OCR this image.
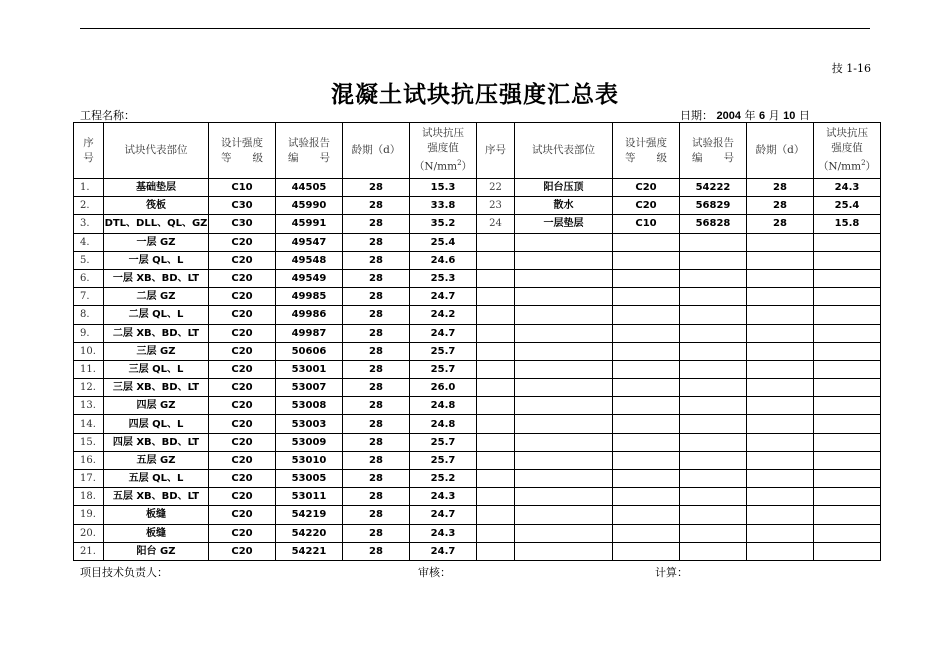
技 1-16
混凝土试块抗压强度汇总表
工程名称：	日期： 2004 年 6 月 10 日
序
号	试块代表部位	设计强度
等　　级	试验报告
编　　号	龄期（d）	试块抗压
强度值
$(N/mm^2)$	序号	试块代表部位	设计强度
等　　级	试验报告
编　　号	龄期（d）	试块抗压
强度值
$(N/mm^2)$
1.	基础垫层	C10	44505	28	15.3	22	阳台压顶	C20	54222	28	24.3
2.	筏板	C30	45990	28	33.8	23	散水	C20	56829	28	25.4
3.	DTL、DLL、QL、GZ	C30	45991	28	35.2	24	一层垫层	C10	56828	28	15.8
4.	一层 GZ	C20	49547	28	25.4						
5.	一层 QL、L	C20	49548	28	24.6						
6.	一层 XB、BD、LT	C20	49549	28	25.3						
7.	二层 GZ	C20	49985	28	24.7						
8.	二层 QL、L	C20	49986	28	24.2						
9.	二层 XB、BD、LT	C20	49987	28	24.7						
10.	三层 GZ	C20	50606	28	25.7						
11.	三层 QL、L	C20	53001	28	25.7						
12.	三层 XB、BD、LT	C20	53007	28	26.0						
13.	四层 GZ	C20	53008	28	24.8						
14.	四层 QL、L	C20	53003	28	24.8						
15.	四层 XB、BD、LT	C20	53009	28	25.7						
16.	五层 GZ	C20	53010	28	25.7						
17.	五层 QL、L	C20	53005	28	25.2						
18.	五层 XB、BD、LT	C20	53011	28	24.3						
19.	板缝	C20	54219	28	24.7						
20.	板缝	C20	54220	28	24.3						
21.	阳台 GZ	C20	54221	28	24.7						
项目技术负责人：	审核：	计算：
